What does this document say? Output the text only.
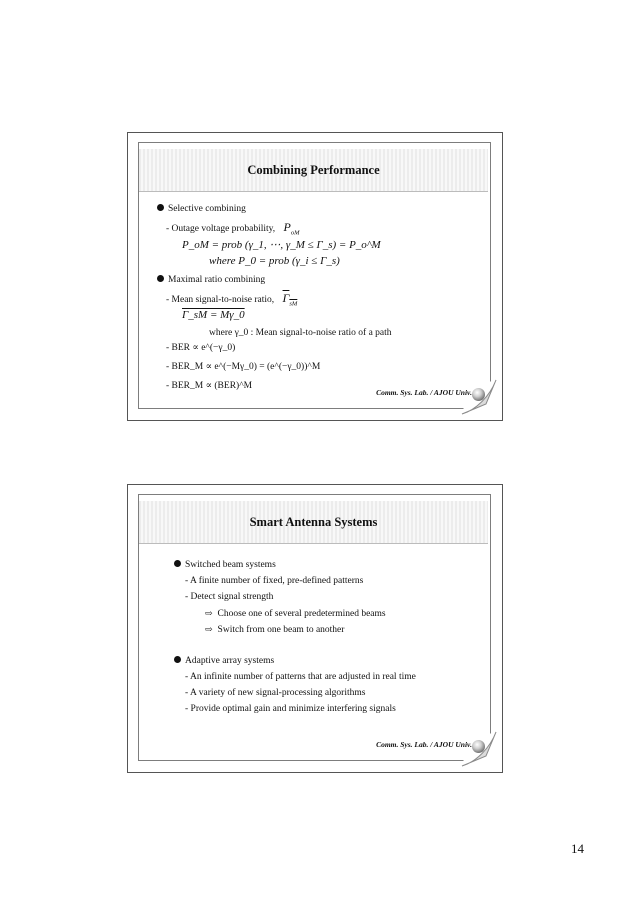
Combining Performance
Selective combining
- Outage voltage probability, $P_{oM}$
P_oM = prob (γ_1, ⋯, γ_M ≤ Γ_s) = P_o^M
where P_0 = prob (γ_i ≤ Γ_s)
Maximal ratio combining
- Mean signal-to-noise ratio, $\Gamma_{sM}$
Γ_sM = Mγ_0
where γ_0 : Mean signal-to-noise ratio of a path
- BER ∝ e^(−γ_0)
- BER_M ∝ e^(−Mγ_0) = (e^(−γ_0))^M
- BER_M ∝ (BER)^M
Comm. Sys. Lab. / AJOU Univ.
Smart Antenna Systems
Switched beam systems
- A finite number of fixed, pre-defined patterns
- Detect signal strength
⇨ Choose one of several predetermined beams
⇨ Switch from one beam to another
Adaptive array systems
- An infinite number of patterns that are adjusted in real time
- A variety of new signal-processing algorithms
- Provide optimal gain and minimize interfering signals
Comm. Sys. Lab. / AJOU Univ.
14
